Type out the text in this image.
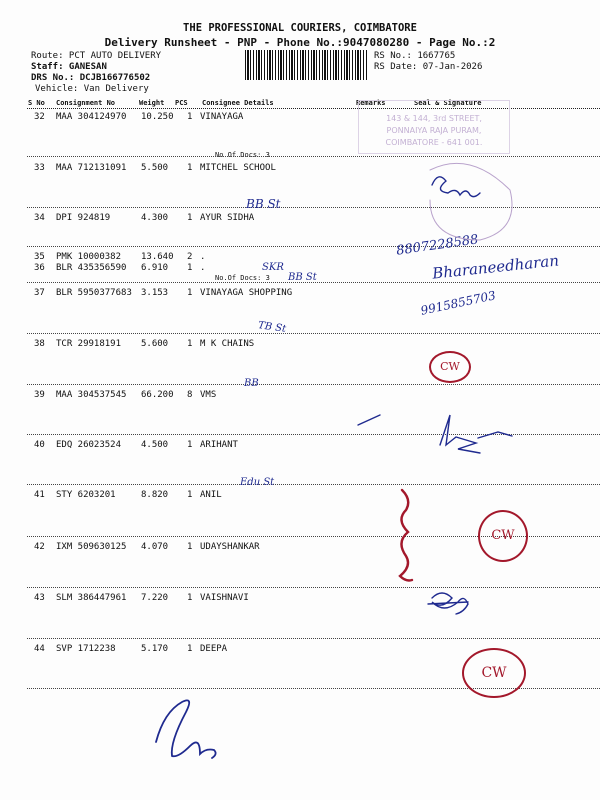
THE PROFESSIONAL COURIERS, COIMBATORE
Delivery Runsheet - PNP - Phone No.:9047080280 - Page No.:2
Route: PCT AUTO DELIVERY
Staff: GANESAN
DRS No.: DCJB166776502
Vehicle: Van Delivery
RS No.: 1667765
RS Date: 07-Jan-2026
S No Consignment No	Weight PCS Consignee Details	Remarks	Seal & Signature
32 MAA 304124970 10.250 1 VINAYAGA
No.Of Docs: 3
33 MAA 712131091 5.500 1 MITCHEL SCHOOL
34 DPI 924819	4.300 1 AYUR SIDHA
35 PMK 10000382 13.640 2 .
36 BLR 435356590 6.910 1 .
No.Of Docs: 3
37 BLR 5950377683 3.153 1 VINAYAGA SHOPPING
38 TCR 29918191 5.600 1 M K CHAINS
39 MAA 304537545 66.200 8 VMS
40 EDQ 26023524 4.500 1 ARIHANT
41 STY 6203201	8.820 1 ANIL
42 IXM 509630125 4.070 1 UDAYSHANKAR
43 SLM 386447961 7.220 1 VAISHNAVI
44 SVP 1712238	5.170 1 DEEPA
143 & 144, 3rd STREET,
PONNAIYA RAJA PURAM,
COIMBATORE - 641 001.
BB St
SKR
BB St
TB St
BB
Edu St
8807228588
Bharaneedharan
9915855703
CW
CW
CW
